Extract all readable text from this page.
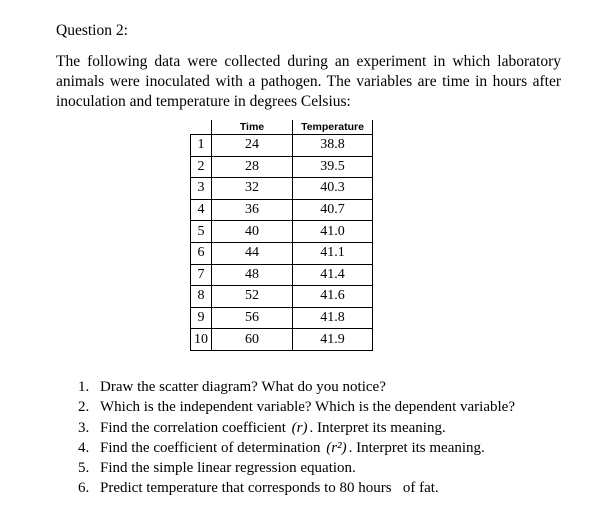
Question 2:
The following data were collected during an experiment in which laboratory animals were inoculated with a pathogen. The variables are time in hours after inoculation and temperature in degrees Celsius:
	Time	Temperature
1	24	38.8
2	28	39.5
3	32	40.3
4	36	40.7
5	40	41.0
6	44	41.1
7	48	41.4
8	52	41.6
9	56	41.8
10	60	41.9
1. Draw the scatter diagram? What do you notice?
2. Which is the independent variable? Which is the dependent variable?
3. Find the correlation coefficient (r) . Interpret its meaning.
4. Find the coefficient of determination (r²) . Interpret its meaning.
5. Find the simple linear regression equation.
6. Predict temperature that corresponds to 80 hours   of fat.
